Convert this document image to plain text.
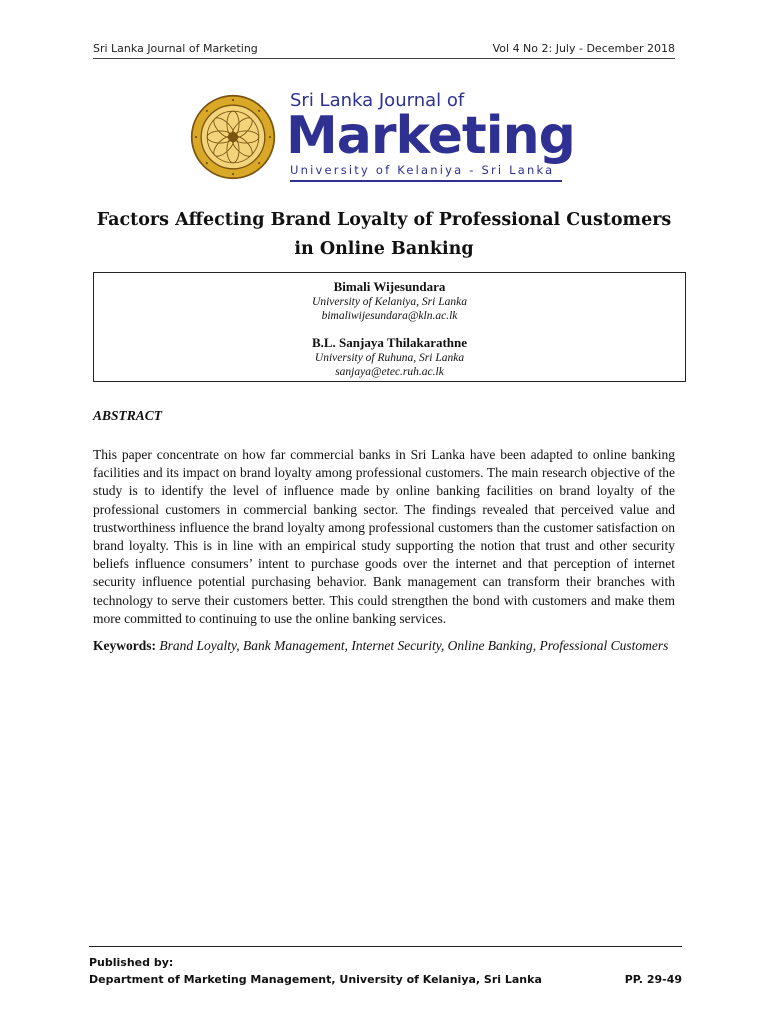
Sri Lanka Journal of Marketing	Vol 4 No 2: July - December 2018
Sri Lanka Journal of
Marketing
University of Kelaniya - Sri Lanka
Factors Affecting Brand Loyalty of Professional Customers in Online Banking
Bimali Wijesundara
University of Kelaniya, Sri Lanka
bimaliwijesundara@kln.ac.lk
B.L. Sanjaya Thilakarathne
University of Ruhuna, Sri Lanka
sanjaya@etec.ruh.ac.lk
ABSTRACT
This paper concentrate on how far commercial banks in Sri Lanka have been adapted to online banking facilities and its impact on brand loyalty among professional customers. The main research objective of the study is to identify the level of influence made by online banking facilities on brand loyalty of the professional customers in commercial banking sector. The findings revealed that perceived value and trustworthiness influence the brand loyalty among professional customers than the customer satisfaction on brand loyalty. This is in line with an empirical study supporting the notion that trust and other security beliefs influence consumers’ intent to purchase goods over the internet and that perception of internet security influence potential purchasing behavior. Bank management can transform their branches with technology to serve their customers better. This could strengthen the bond with customers and make them more committed to continuing to use the online banking services.
Keywords: Brand Loyalty, Bank Management, Internet Security, Online Banking, Professional Customers
Published by:
Department of Marketing Management, University of Kelaniya, Sri Lanka	PP. 29-49
